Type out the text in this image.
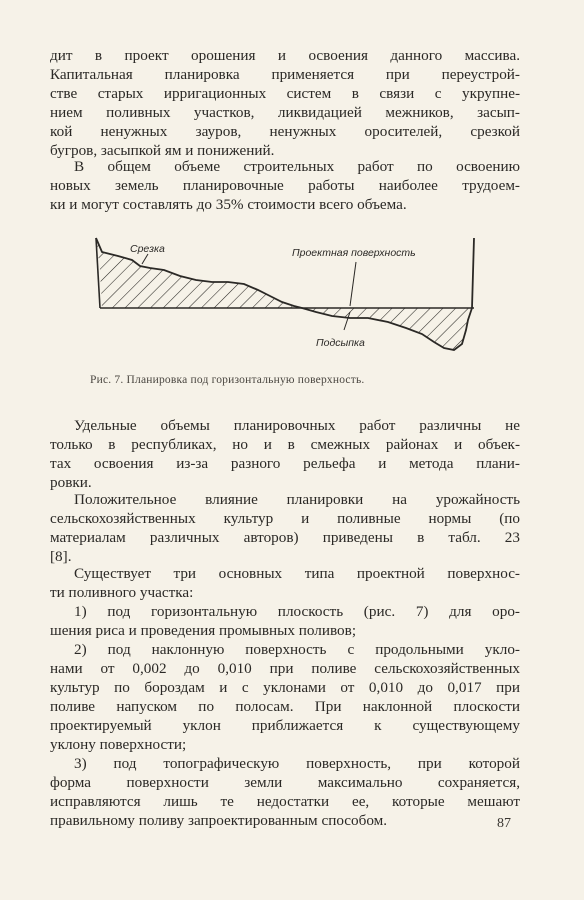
дит в проект орошения и освоения данного массива.
Капитальная планировка применяется при переустрой-
стве старых ирригационных систем в связи с укрупне-
нием поливных участков, ликвидацией межников, засып-
кой ненужных зауров, ненужных оросителей, срезкой
бугров, засыпкой ям и понижений.
В общем объеме строительных работ по освоению
новых земель планировочные работы наиболее трудоем-
ки и могут составлять до 35% стоимости всего объема.
Срезка	Проектная поверхность
Подсыпка
Рис. 7. Планировка под горизонтальную поверхность.
Удельные объемы планировочных работ различны не
только в республиках, но и в смежных районах и объек-
тах освоения из-за разного рельефа и метода плани-
ровки.
Положительное влияние планировки на урожайность
сельскохозяйственных культур и поливные нормы (по
материалам различных авторов) приведены в табл. 23
[8].
Существует три основных типа проектной поверхнос-
ти поливного участка:
1) под горизонтальную плоскость (рис. 7) для оро-
шения риса и проведения промывных поливов;
2) под наклонную поверхность с продольными укло-
нами от 0,002 до 0,010 при поливе сельскохозяйственных
культур по бороздам и с уклонами от 0,010 до 0,017 при
поливе напуском по полосам. При наклонной плоскости
проектируемый уклон приближается к существующему
уклону поверхности;
3) под топографическую поверхность, при которой
форма поверхности земли максимально сохраняется,
исправляются лишь те недостатки ее, которые мешают
правильному поливу запроектированным способом.	87
